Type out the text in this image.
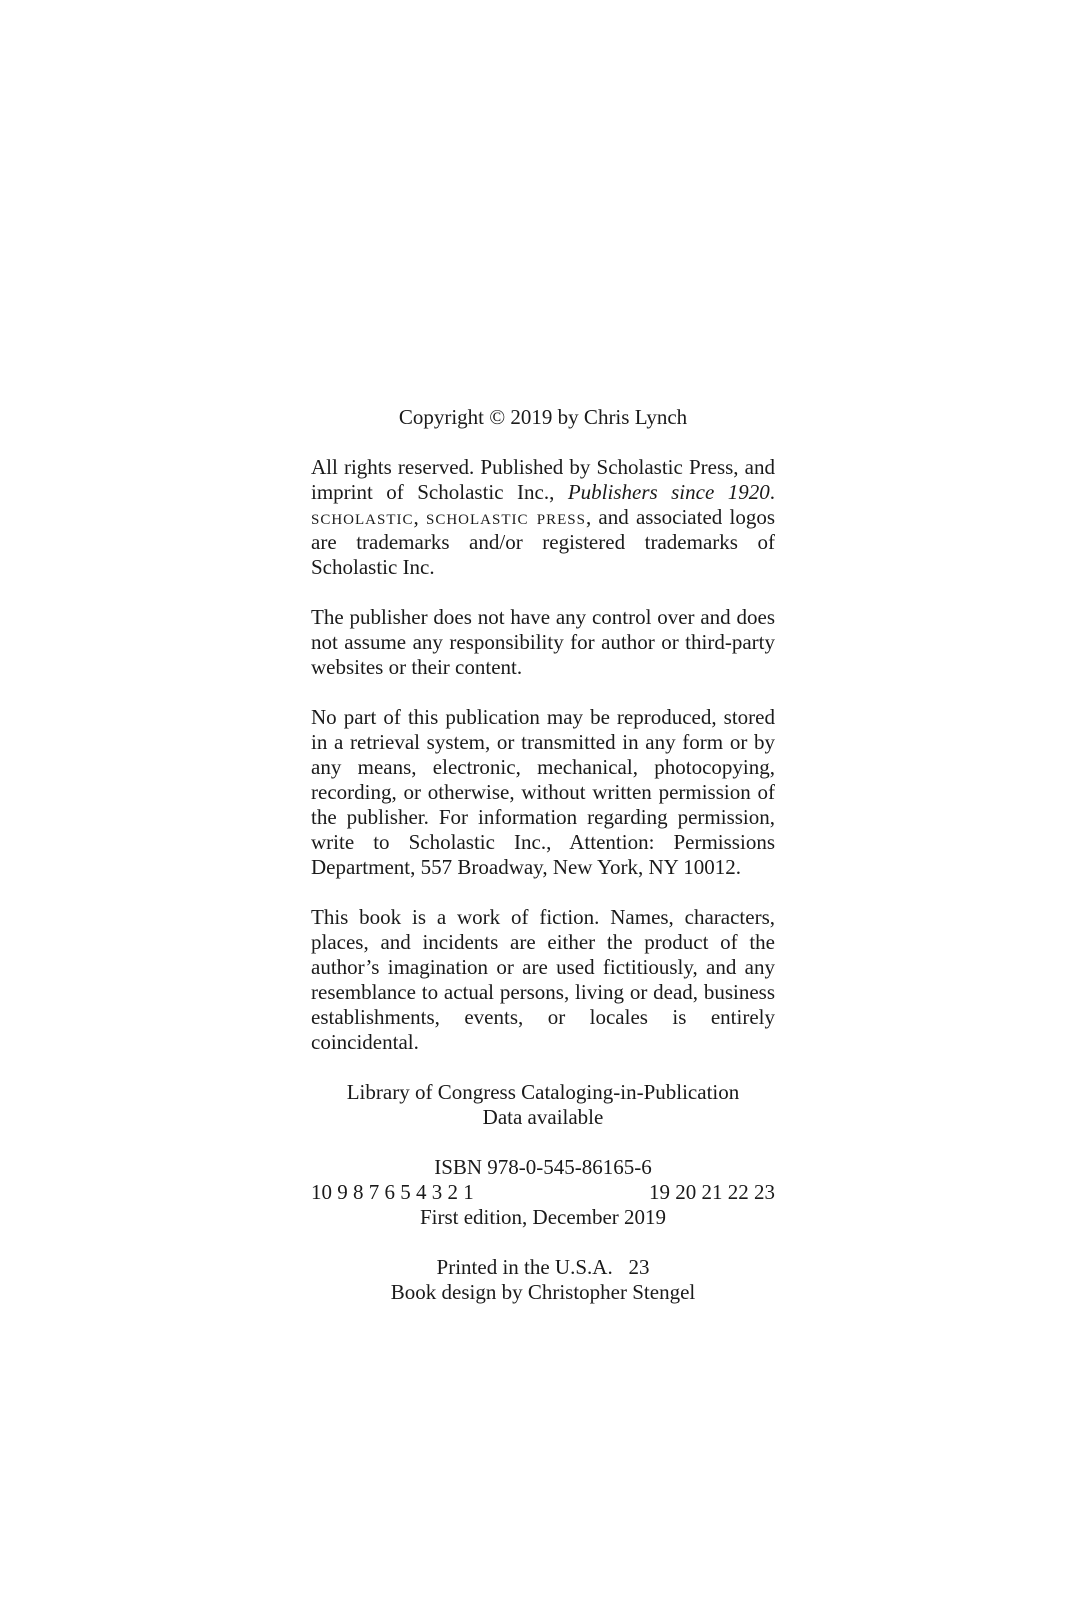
Copyright © 2019 by Chris Lynch

All rights reserved. Published by Scholastic Press, and imprint of Scholastic Inc., Publishers since 1920. scholastic, scholastic press, and associated logos are trademarks and/or registered trademarks of Scholastic Inc.

The publisher does not have any control over and does not assume any responsibility for author or third-party websites or their content.

No part of this publication may be reproduced, stored in a retrieval system, or transmitted in any form or by any means, electronic, mechanical, photocopying, recording, or otherwise, without written permission of the publisher. For information regarding permission, write to Scholastic Inc., Attention: Permissions Department, 557 Broadway, New York, NY 10012.

This book is a work of fiction. Names, characters, places, and incidents are either the product of the author’s imagination or are used fictitiously, and any resemblance to actual persons, living or dead, business establishments, events, or locales is entirely coincidental.

Library of Congress Cataloging-in-Publication
Data available
ISBN 978-0-545-86165-6
10 9 8 7 6 5 4 3 2 1	19 20 21 22 23
First edition, December 2019
Printed in the U.S.A.   23
Book design by Christopher Stengel
